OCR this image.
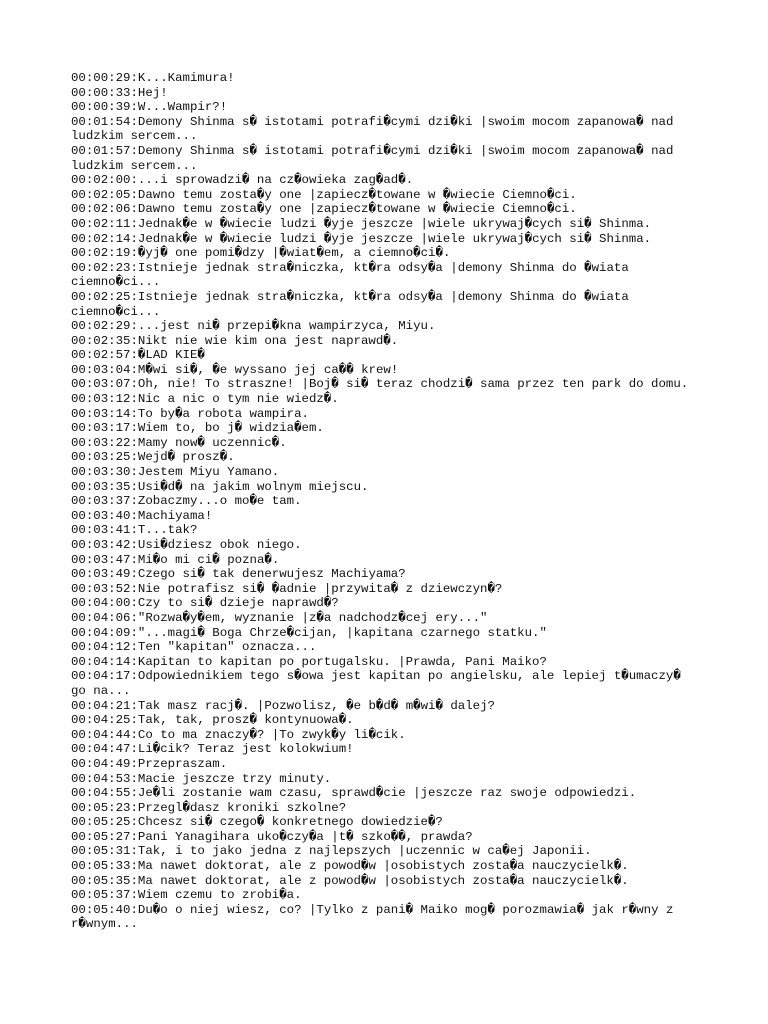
00:00:29:K...Kamimura!
00:00:33:Hej!
00:00:39:W...Wampir?!
00:01:54:Demony Shinma s� istotami potrafi�cymi dzi�ki |swoim mocom zapanowa� nad ludzkim sercem...
00:01:57:Demony Shinma s� istotami potrafi�cymi dzi�ki |swoim mocom zapanowa� nad ludzkim sercem...
00:02:00:...i sprowadzi� na cz�owieka zag�ad�.
00:02:05:Dawno temu zosta�y one |zapiecz�towane w �wiecie Ciemno�ci.
00:02:06:Dawno temu zosta�y one |zapiecz�towane w �wiecie Ciemno�ci.
00:02:11:Jednak�e w �wiecie ludzi �yje jeszcze |wiele ukrywaj�cych si� Shinma.
00:02:14:Jednak�e w �wiecie ludzi �yje jeszcze |wiele ukrywaj�cych si� Shinma.
00:02:19:�yj� one pomi�dzy |�wiat�em, a ciemno�ci�.
00:02:23:Istnieje jednak stra�niczka, kt�ra odsy�a |demony Shinma do �wiata ciemno�ci...
00:02:25:Istnieje jednak stra�niczka, kt�ra odsy�a |demony Shinma do �wiata ciemno�ci...
00:02:29:...jest ni� przepi�kna wampirzyca, Miyu.
00:02:35:Nikt nie wie kim ona jest naprawd�.
00:02:57:�LAD KIE�
00:03:04:M�wi si�, �e wyssano jej ca�� krew!
00:03:07:Oh, nie! To straszne! |Boj� si� teraz chodzi� sama przez ten park do domu.
00:03:12:Nic a nic o tym nie wiedz�.
00:03:14:To by�a robota wampira.
00:03:17:Wiem to, bo j� widzia�em.
00:03:22:Mamy now� uczennic�.
00:03:25:Wejd� prosz�.
00:03:30:Jestem Miyu Yamano.
00:03:35:Usi�d� na jakim wolnym miejscu.
00:03:37:Zobaczmy...o mo�e tam.
00:03:40:Machiyama!
00:03:41:T...tak?
00:03:42:Usi�dziesz obok niego.
00:03:47:Mi�o mi ci� pozna�.
00:03:49:Czego si� tak denerwujesz Machiyama?
00:03:52:Nie potrafisz si� �adnie |przywita� z dziewczyn�?
00:04:00:Czy to si� dzieje naprawd�?
00:04:06:"Rozwa�y�em, wyznanie |z�a nadchodz�cej ery..."
00:04:09:"...magi� Boga Chrze�cijan, |kapitana czarnego statku."
00:04:12:Ten "kapitan" oznacza...
00:04:14:Kapitan to kapitan po portugalsku. |Prawda, Pani Maiko?
00:04:17:Odpowiednikiem tego s�owa jest kapitan po angielsku, ale lepiej t�umaczy� go na...
00:04:21:Tak masz racj�. |Pozwolisz, �e b�d� m�wi� dalej?
00:04:25:Tak, tak, prosz� kontynuowa�.
00:04:44:Co to ma znaczy�? |To zwyk�y li�cik.
00:04:47:Li�cik? Teraz jest kolokwium!
00:04:49:Przepraszam.
00:04:53:Macie jeszcze trzy minuty.
00:04:55:Je�li zostanie wam czasu, sprawd�cie |jeszcze raz swoje odpowiedzi.
00:05:23:Przegl�dasz kroniki szkolne?
00:05:25:Chcesz si� czego� konkretnego dowiedzie�?
00:05:27:Pani Yanagihara uko�czy�a |t� szko��, prawda?
00:05:31:Tak, i to jako jedna z najlepszych |uczennic w ca�ej Japonii.
00:05:33:Ma nawet doktorat, ale z powod�w |osobistych zosta�a nauczycielk�.
00:05:35:Ma nawet doktorat, ale z powod�w |osobistych zosta�a nauczycielk�.
00:05:37:Wiem czemu to zrobi�a.
00:05:40:Du�o o niej wiesz, co? |Tylko z pani� Maiko mog� porozmawia� jak r�wny z r�wnym...
